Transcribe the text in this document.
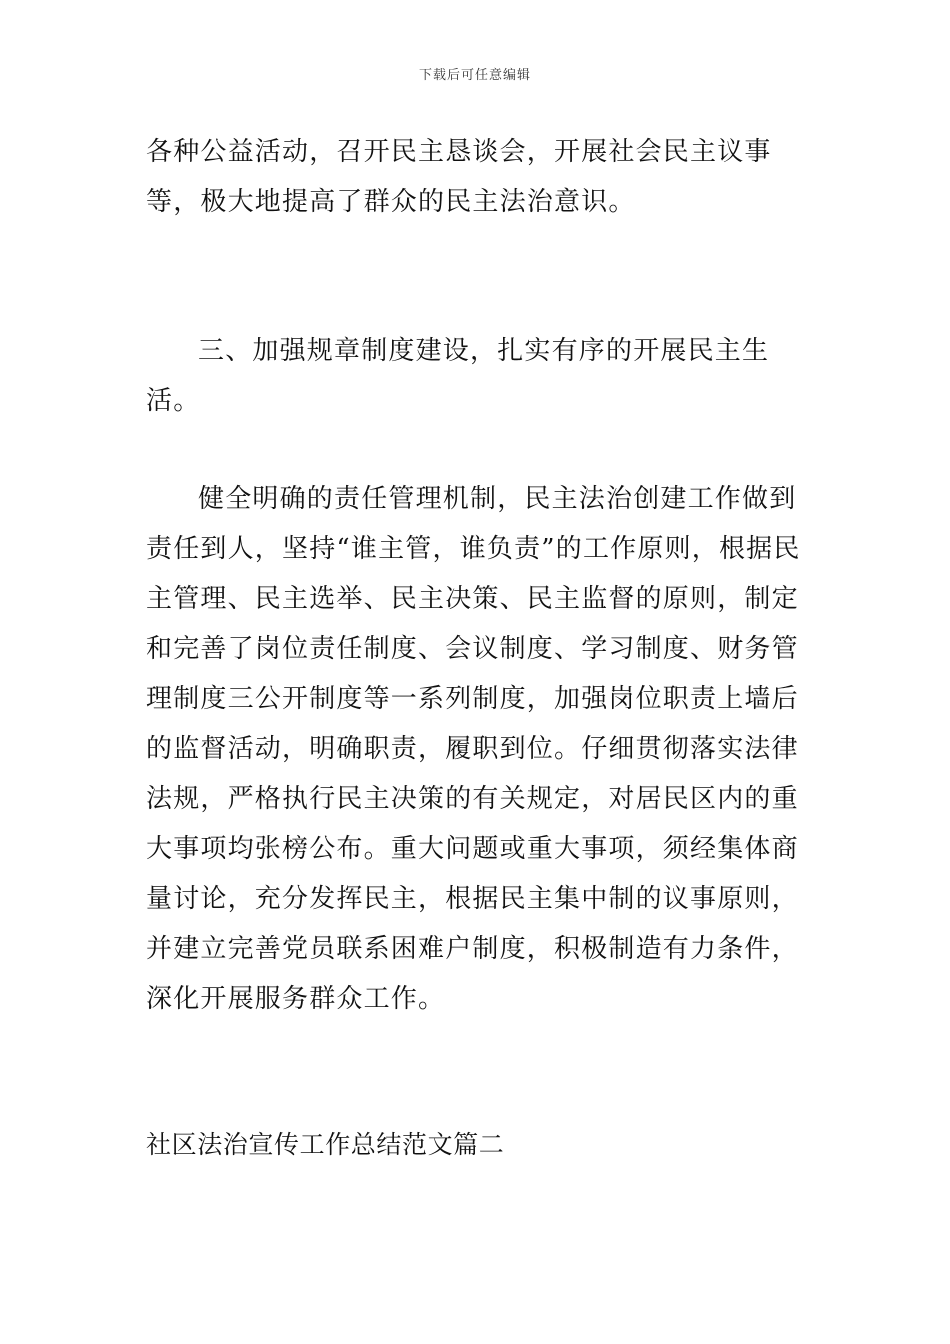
下载后可任意编辑

各种公益活动，召开民主恳谈会，开展社会民主议事等，极大地提高了群众的民主法治意识。

三、加强规章制度建设，扎实有序的开展民主生活。

健全明确的责任管理机制，民主法治创建工作做到责任到人，坚持“谁主管，谁负责”的工作原则，根据民主管理、民主选举、民主决策、民主监督的原则，制定和完善了岗位责任制度、会议制度、学习制度、财务管理制度三公开制度等一系列制度，加强岗位职责上墙后的监督活动，明确职责，履职到位。仔细贯彻落实法律法规，严格执行民主决策的有关规定，对居民区内的重大事项均张榜公布。重大问题或重大事项，须经集体商量讨论，充分发挥民主，根据民主集中制的议事原则，并建立完善党员联系困难户制度，积极制造有力条件，深化开展服务群众工作。

社区法治宣传工作总结范文篇二
